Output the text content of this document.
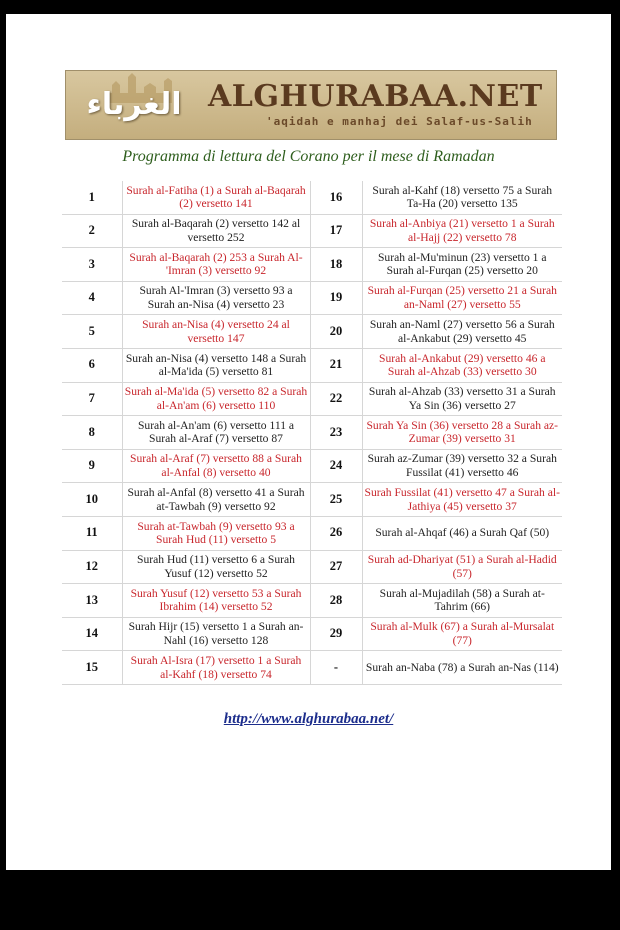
الغرباء ALGHURABAA.NET
'aqidah e manhaj dei Salaf-us-Salih
Programma di lettura del Corano per il mese di Ramadan
1	Surah al-Fatiha (1) a Surah al-Baqarah (2) versetto 141	16	Surah al-Kahf (18) versetto 75 a Surah Ta-Ha (20) versetto 135
2	Surah al-Baqarah (2) versetto 142 al versetto 252	17	Surah al-Anbiya (21) versetto 1 a Surah al-Hajj (22) versetto 78
3	Surah al-Baqarah (2) 253 a Surah Al-'Imran (3) versetto 92	18	Surah al-Mu'minun (23) versetto 1 a Surah al-Furqan (25) versetto 20
4	Surah Al-'Imran (3) versetto 93 a Surah an-Nisa (4) versetto 23	19	Surah al-Furqan (25) versetto 21 a Surah an-Naml (27) versetto 55
5	Surah an-Nisa (4) versetto 24 al versetto 147	20	Surah an-Naml (27) versetto 56 a Surah al-Ankabut (29) versetto 45
6	Surah an-Nisa (4) versetto 148 a Surah al-Ma'ida (5) versetto 81	21	Surah al-Ankabut (29) versetto 46 a Surah al-Ahzab (33) versetto 30
7	Surah al-Ma'ida (5) versetto 82 a Surah al-An'am (6) versetto 110	22	Surah al-Ahzab (33) versetto 31 a Surah Ya Sin (36) versetto 27
8	Surah al-An'am (6) versetto 111 a Surah al-Araf (7) versetto 87	23	Surah Ya Sin (36) versetto 28 a Surah az-Zumar (39) versetto 31
9	Surah al-Araf (7) versetto 88 a Surah al-Anfal (8) versetto 40	24	Surah az-Zumar (39) versetto 32 a Surah Fussilat (41) versetto 46
10	Surah al-Anfal (8) versetto 41 a Surah at-Tawbah (9) versetto 92	25	Surah Fussilat (41) versetto 47 a Surah al-Jathiya (45) versetto 37
11	Surah at-Tawbah (9) versetto 93 a Surah Hud (11) versetto 5	26	Surah al-Ahqaf (46) a Surah Qaf (50)
12	Surah Hud (11) versetto 6 a Surah Yusuf (12) versetto 52	27	Surah ad-Dhariyat (51) a Surah al-Hadid (57)
13	Surah Yusuf (12) versetto 53 a Surah Ibrahim (14) versetto 52	28	Surah al-Mujadilah (58) a Surah at-Tahrim (66)
14	Surah Hijr (15) versetto 1 a Surah an-Nahl (16) versetto 128	29	Surah al-Mulk (67) a Surah al-Mursalat (77)
15	Surah Al-Isra (17) versetto 1 a Surah al-Kahf (18) versetto 74	-	Surah an-Naba (78) a Surah an-Nas (114)
http://www.alghurabaa.net/
